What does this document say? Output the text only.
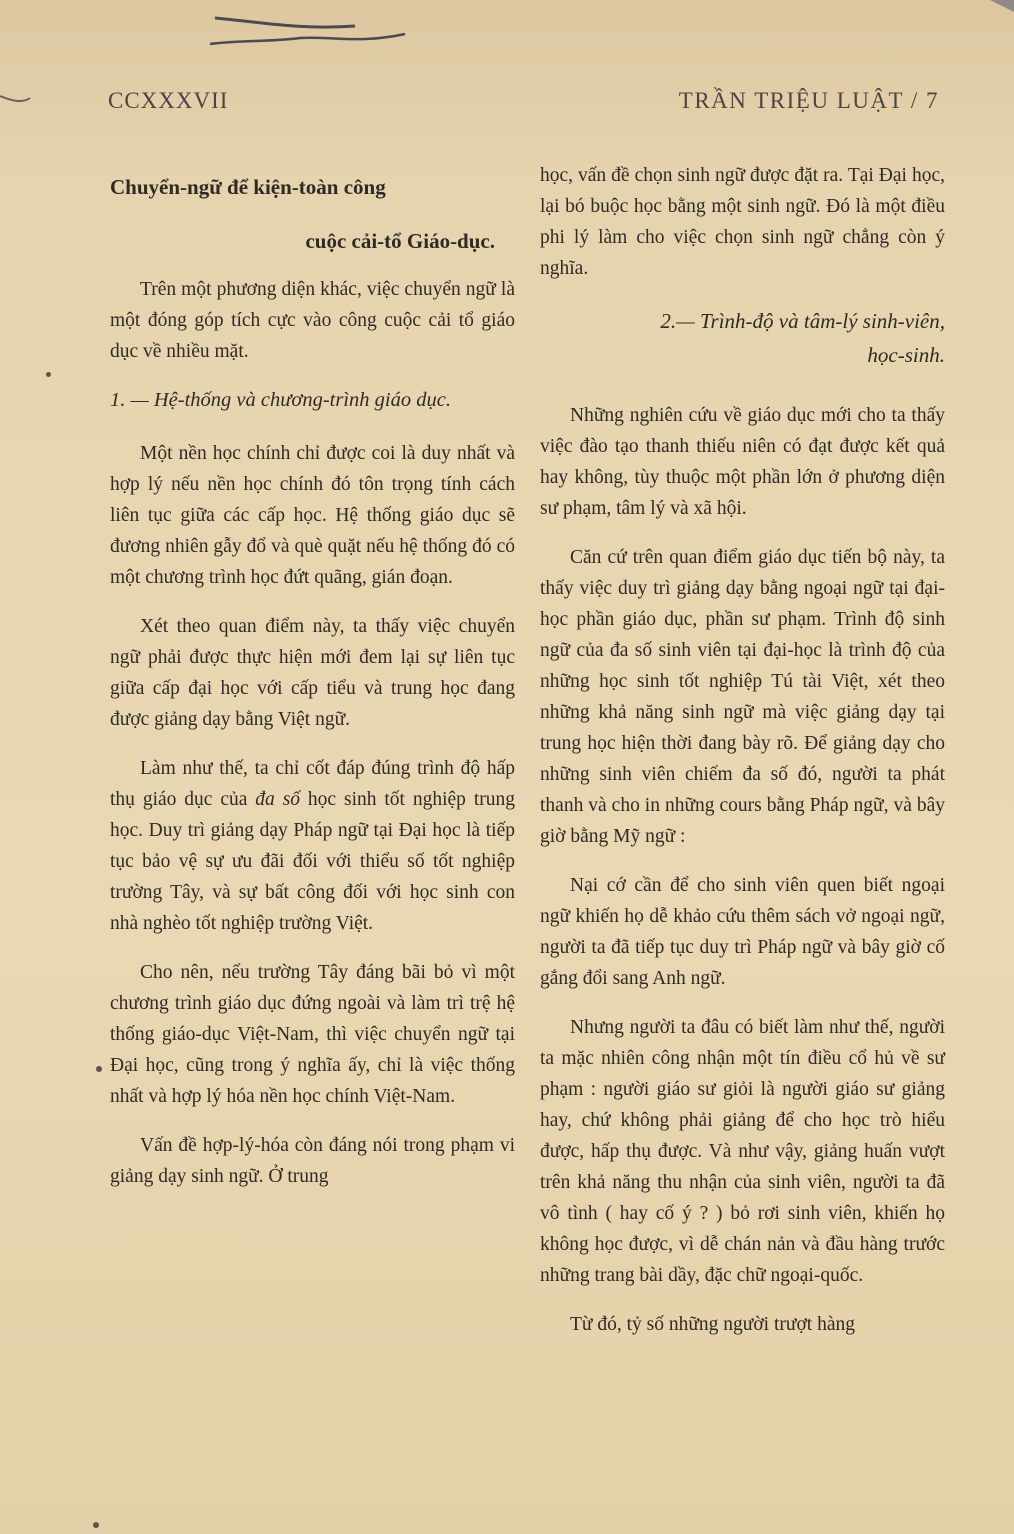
CCXXXVII	TRẦN TRIỆU LUẬT / 7
Chuyển-ngữ để kiện-toàn công
cuộc cải-tổ Giáo-dục.

Trên một phương diện khác, việc chuyển ngữ là một đóng góp tích cực vào công cuộc cải tổ giáo dục về nhiều mặt.

1. — Hệ-thống và chương-trình giáo dục.

Một nền học chính chỉ được coi là duy nhất và hợp lý nếu nền học chính đó tôn trọng tính cách liên tục giữa các cấp học. Hệ thống giáo dục sẽ đương nhiên gẫy đổ và què quặt nếu hệ thống đó có một chương trình học đứt quãng, gián đoạn.

Xét theo quan điểm này, ta thấy việc chuyển ngữ phải được thực hiện mới đem lại sự liên tục giữa cấp đại học với cấp tiểu và trung học đang được giảng dạy bằng Việt ngữ.

Làm như thế, ta chỉ cốt đáp đúng trình độ hấp thụ giáo dục của đa số học sinh tốt nghiệp trung học. Duy trì giảng dạy Pháp ngữ tại Đại học là tiếp tục bảo vệ sự ưu đãi đối với thiểu số tốt nghiệp trường Tây, và sự bất công đối với học sinh con nhà nghèo tốt nghiệp trường Việt.

Cho nên, nếu trường Tây đáng bãi bỏ vì một chương trình giáo dục đứng ngoài và làm trì trệ hệ thống giáo-dục Việt-Nam, thì việc chuyển ngữ tại Đại học, cũng trong ý nghĩa ấy, chỉ là việc thống nhất và hợp lý hóa nền học chính Việt-Nam.

Vấn đề hợp-lý-hóa còn đáng nói trong phạm vi giảng dạy sinh ngữ. Ở trung

học, vấn đề chọn sinh ngữ được đặt ra. Tại Đại học, lại bó buộc học bằng một sinh ngữ. Đó là một điều phi lý làm cho việc chọn sinh ngữ chẳng còn ý nghĩa.

2.— Trình-độ và tâm-lý sinh-viên,
học-sinh.

Những nghiên cứu về giáo dục mới cho ta thấy việc đào tạo thanh thiếu niên có đạt được kết quả hay không, tùy thuộc một phần lớn ở phương diện sư phạm, tâm lý và xã hội.

Căn cứ trên quan điểm giáo dục tiến bộ này, ta thấy việc duy trì giảng dạy bằng ngoại ngữ tại đại-học phần giáo dục, phần sư phạm. Trình độ sinh ngữ của đa số sinh viên tại đại-học là trình độ của những học sinh tốt nghiệp Tú tài Việt, xét theo những khả năng sinh ngữ mà việc giảng dạy tại trung học hiện thời đang bày rõ. Để giảng dạy cho những sinh viên chiếm đa số đó, người ta phát thanh và cho in những cours bằng Pháp ngữ, và bây giờ bằng Mỹ ngữ :

Nại cớ cần để cho sinh viên quen biết ngoại ngữ khiến họ dễ khảo cứu thêm sách vở ngoại ngữ, người ta đã tiếp tục duy trì Pháp ngữ và bây giờ cố gắng đổi sang Anh ngữ.

Nhưng người ta đâu có biết làm như thế, người ta mặc nhiên công nhận một tín điều cổ hủ về sư phạm : người giáo sư giỏi là người giáo sư giảng hay, chứ không phải giảng để cho học trò hiểu được, hấp thụ được. Và như vậy, giảng huấn vượt trên khả năng thu nhận của sinh viên, người ta đã vô tình ( hay cố ý ? ) bỏ rơi sinh viên, khiến họ không học được, vì dễ chán nản và đầu hàng trước những trang bài dầy, đặc chữ ngoại-quốc.

Từ đó, tỷ số những người trượt hàng
